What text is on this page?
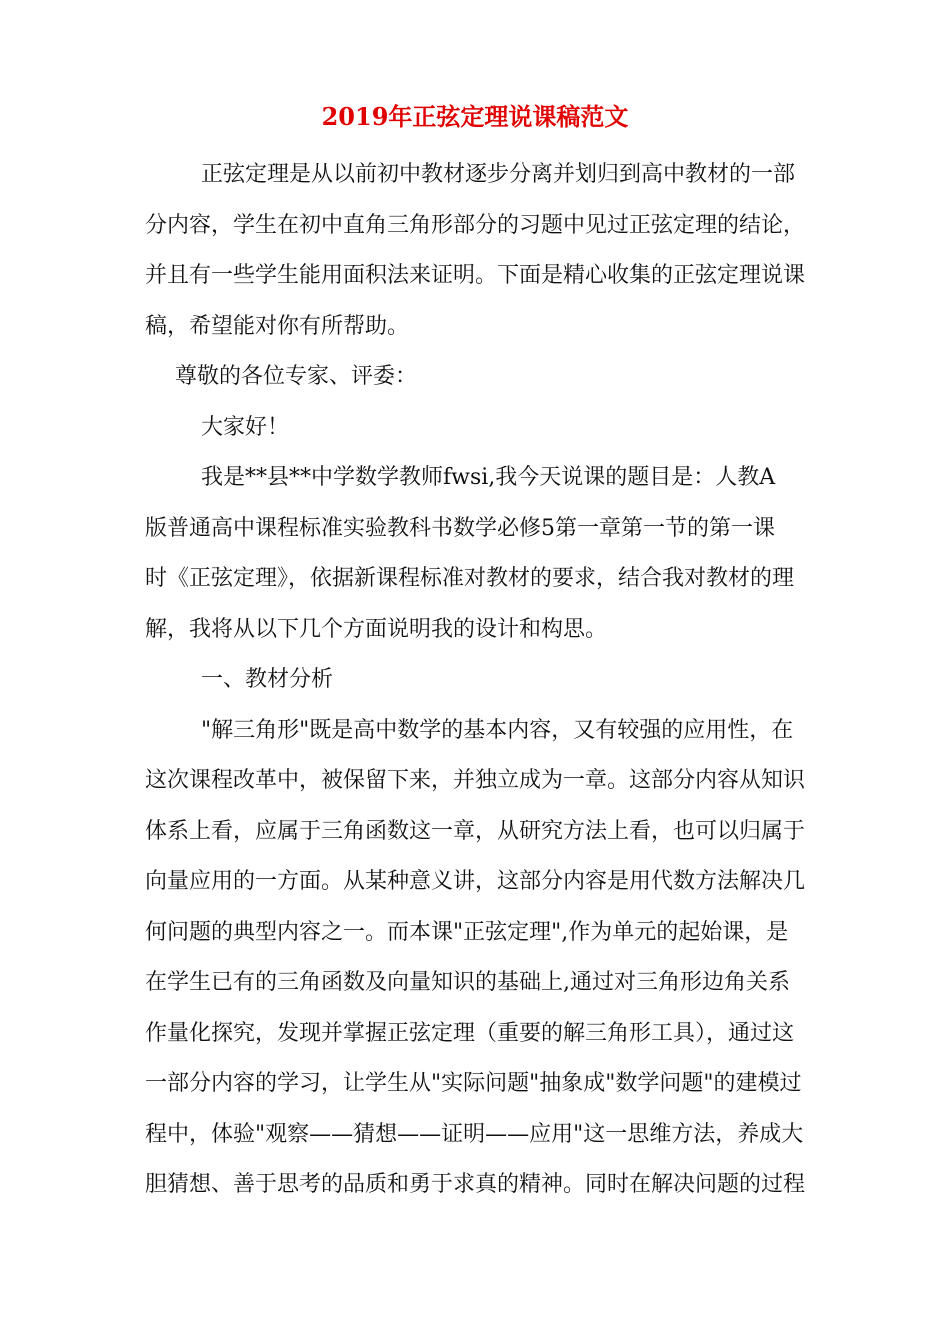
2019年正弦定理说课稿范文
正弦定理是从以前初中教材逐步分离并划归到高中教材的一部
分内容，学生在初中直角三角形部分的习题中见过正弦定理的结论，
并且有一些学生能用面积法来证明。下面是精心收集的正弦定理说课
稿，希望能对你有所帮助。
尊敬的各位专家、评委：
大家好！
我是**县**中学数学教师fwsi,我今天说课的题目是：人教A
版普通高中课程标准实验教科书数学必修5第一章第一节的第一课
时《正弦定理》，依据新课程标准对教材的要求，结合我对教材的理
解，我将从以下几个方面说明我的设计和构思。
一、教材分析
"解三角形"既是高中数学的基本内容，又有较强的应用性，在
这次课程改革中，被保留下来，并独立成为一章。这部分内容从知识
体系上看，应属于三角函数这一章，从研究方法上看，也可以归属于
向量应用的一方面。从某种意义讲，这部分内容是用代数方法解决几
何问题的典型内容之一。而本课"正弦定理",作为单元的起始课，是
在学生已有的三角函数及向量知识的基础上,通过对三角形边角关系
作量化探究，发现并掌握正弦定理（重要的解三角形工具），通过这
一部分内容的学习，让学生从"实际问题"抽象成"数学问题"的建模过
程中，体验"观察——猜想——证明——应用"这一思维方法，养成大
胆猜想、善于思考的品质和勇于求真的精神。同时在解决问题的过程
